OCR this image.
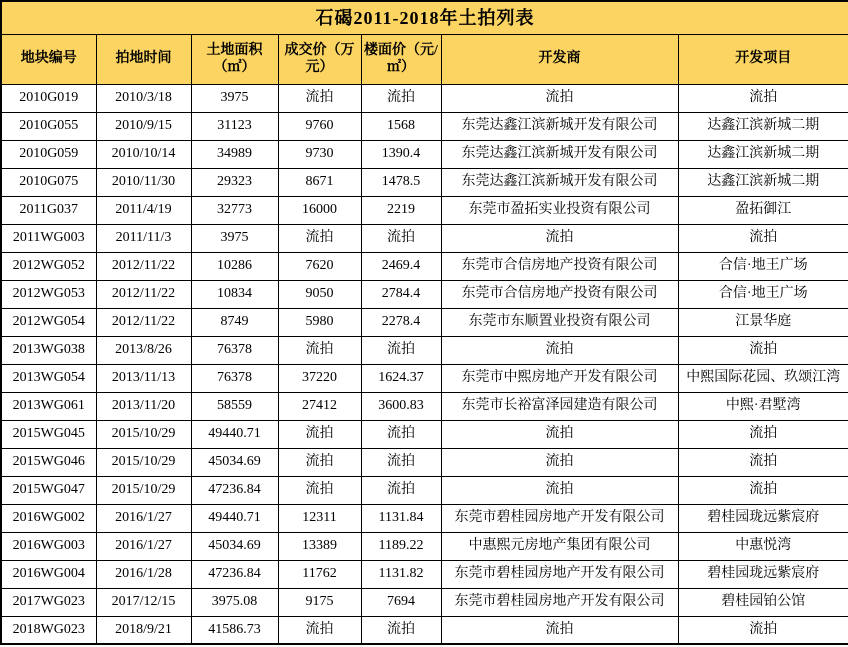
石碣2011-2018年土拍列表						
地块编号	拍地时间	土地面积（㎡）	成交价（万元）	楼面价（元/㎡）	开发商	开发项目
2010G019	2010/3/18	3975	流拍	流拍	流拍	流拍
2010G055	2010/9/15	31123	9760	1568	东莞达鑫江滨新城开发有限公司	达鑫江滨新城二期
2010G059	2010/10/14	34989	9730	1390.4	东莞达鑫江滨新城开发有限公司	达鑫江滨新城二期
2010G075	2010/11/30	29323	8671	1478.5	东莞达鑫江滨新城开发有限公司	达鑫江滨新城二期
2011G037	2011/4/19	32773	16000	2219	东莞市盈拓实业投资有限公司	盈拓御江
2011WG003	2011/11/3	3975	流拍	流拍	流拍	流拍
2012WG052	2012/11/22	10286	7620	2469.4	东莞市合信房地产投资有限公司	合信·地王广场
2012WG053	2012/11/22	10834	9050	2784.4	东莞市合信房地产投资有限公司	合信·地王广场
2012WG054	2012/11/22	8749	5980	2278.4	东莞市东顺置业投资有限公司	江景华庭
2013WG038	2013/8/26	76378	流拍	流拍	流拍	流拍
2013WG054	2013/11/13	76378	37220	1624.37	东莞市中熙房地产开发有限公司	中熙国际花园、玖颂江湾
2013WG061	2013/11/20	58559	27412	3600.83	东莞市长裕富泽园建造有限公司	中熙·君墅湾
2015WG045	2015/10/29	49440.71	流拍	流拍	流拍	流拍
2015WG046	2015/10/29	45034.69	流拍	流拍	流拍	流拍
2015WG047	2015/10/29	47236.84	流拍	流拍	流拍	流拍
2016WG002	2016/1/27	49440.71	12311	1131.84	东莞市碧桂园房地产开发有限公司	碧桂园珑远紫宸府
2016WG003	2016/1/27	45034.69	13389	1189.22	中惠熙元房地产集团有限公司	中惠悦湾
2016WG004	2016/1/28	47236.84	11762	1131.82	东莞市碧桂园房地产开发有限公司	碧桂园珑远紫宸府
2017WG023	2017/12/15	3975.08	9175	7694	东莞市碧桂园房地产开发有限公司	碧桂园铂公馆
2018WG023	2018/9/21	41586.73	流拍	流拍	流拍	流拍
